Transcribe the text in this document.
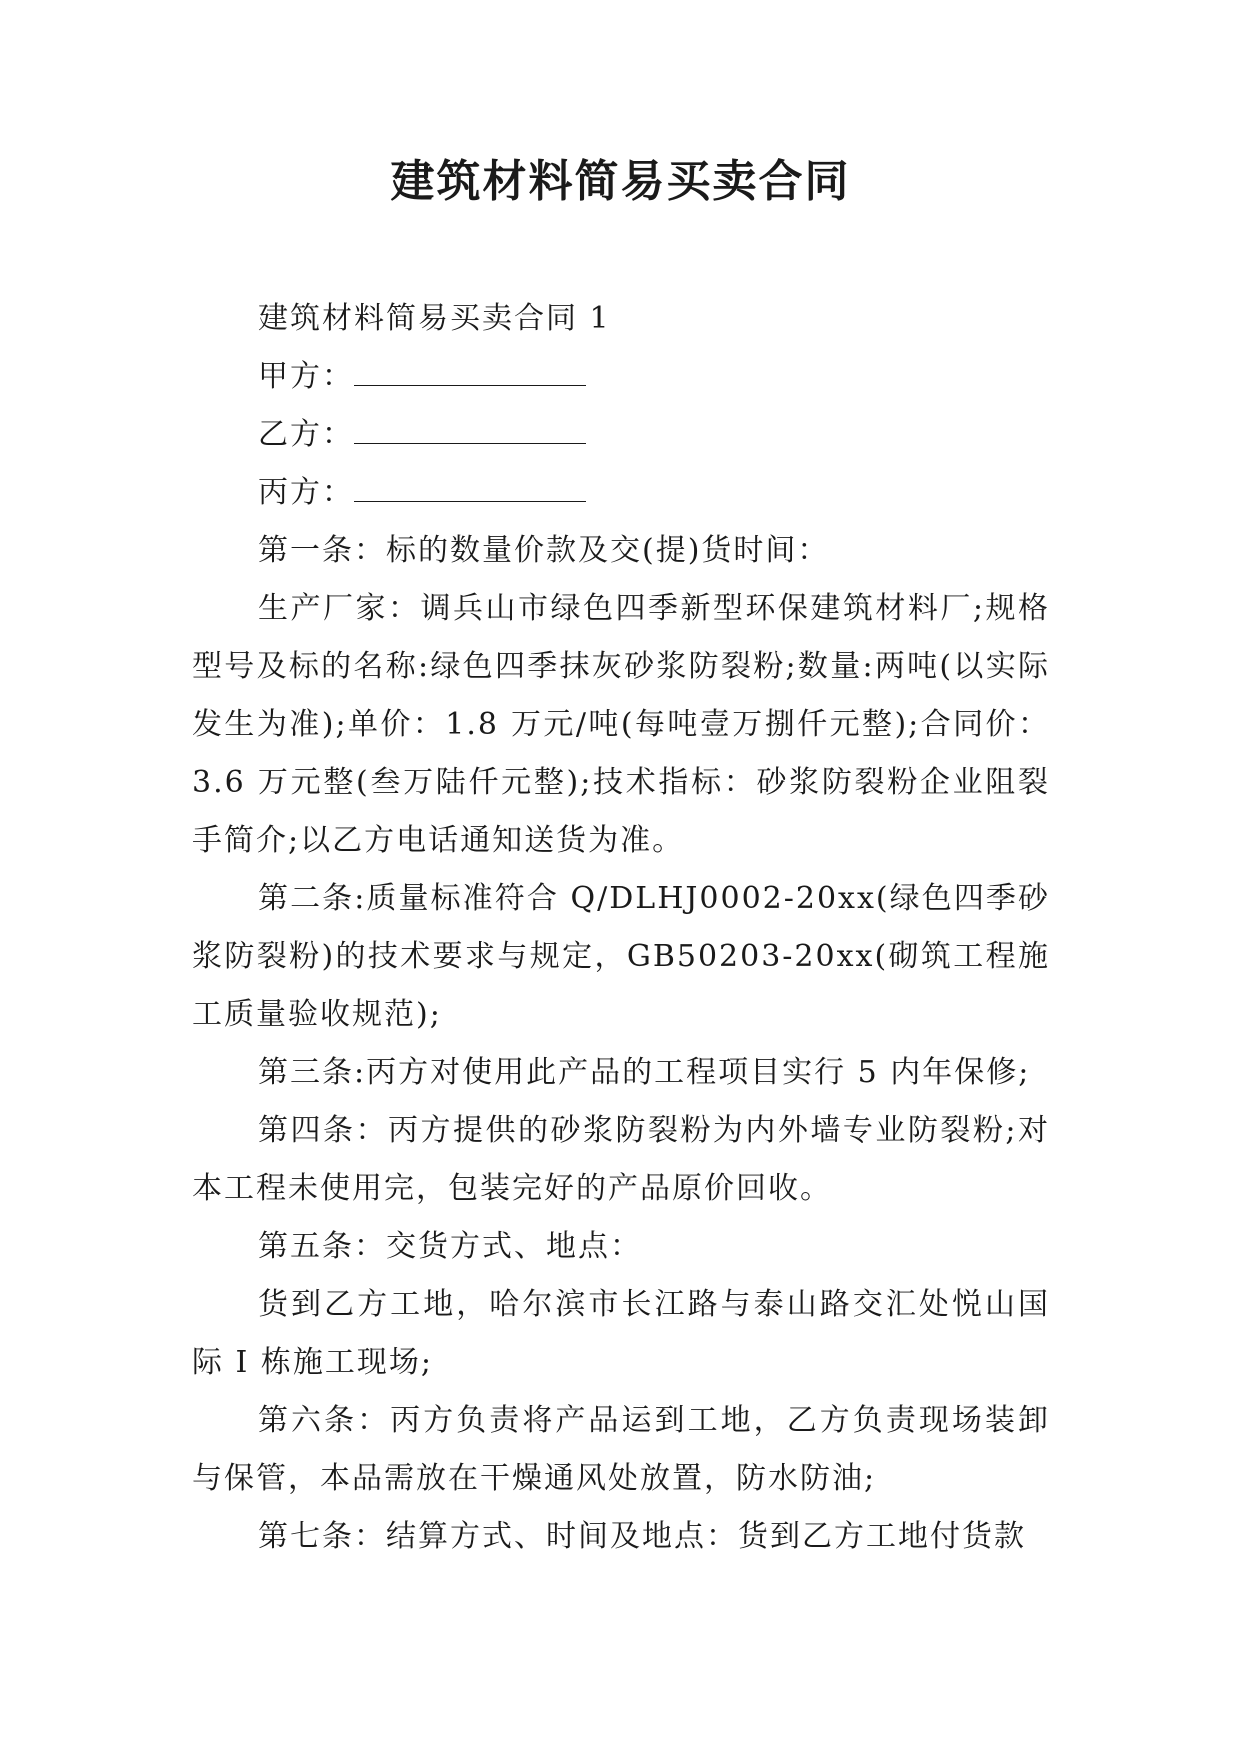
建筑材料简易买卖合同

建筑材料简易买卖合同 1

甲方：

乙方：

丙方：

第一条：标的数量价款及交(提)货时间：

生产厂家：调兵山市绿色四季新型环保建筑材料厂;规格型号及标的名称:绿色四季抹灰砂浆防裂粉;数量:两吨(以实际发生为准);单价：1.8 万元/吨(每吨壹万捌仟元整);合同价：3.6 万元整(叁万陆仟元整);技术指标：砂浆防裂粉企业阻裂手简介;以乙方电话通知送货为准。

第二条:质量标准符合 Q/DLHJ0002-20xx(绿色四季砂浆防裂粉)的技术要求与规定，GB50203-20xx(砌筑工程施工质量验收规范);

第三条:丙方对使用此产品的工程项目实行 5 内年保修;

第四条：丙方提供的砂浆防裂粉为内外墙专业防裂粉;对本工程未使用完，包装完好的产品原价回收。

第五条：交货方式、地点：

货到乙方工地，哈尔滨市长江路与泰山路交汇处悦山国际 I 栋施工现场;

第六条：丙方负责将产品运到工地，乙方负责现场装卸与保管，本品需放在干燥通风处放置，防水防油;

第七条：结算方式、时间及地点：货到乙方工地付货款
